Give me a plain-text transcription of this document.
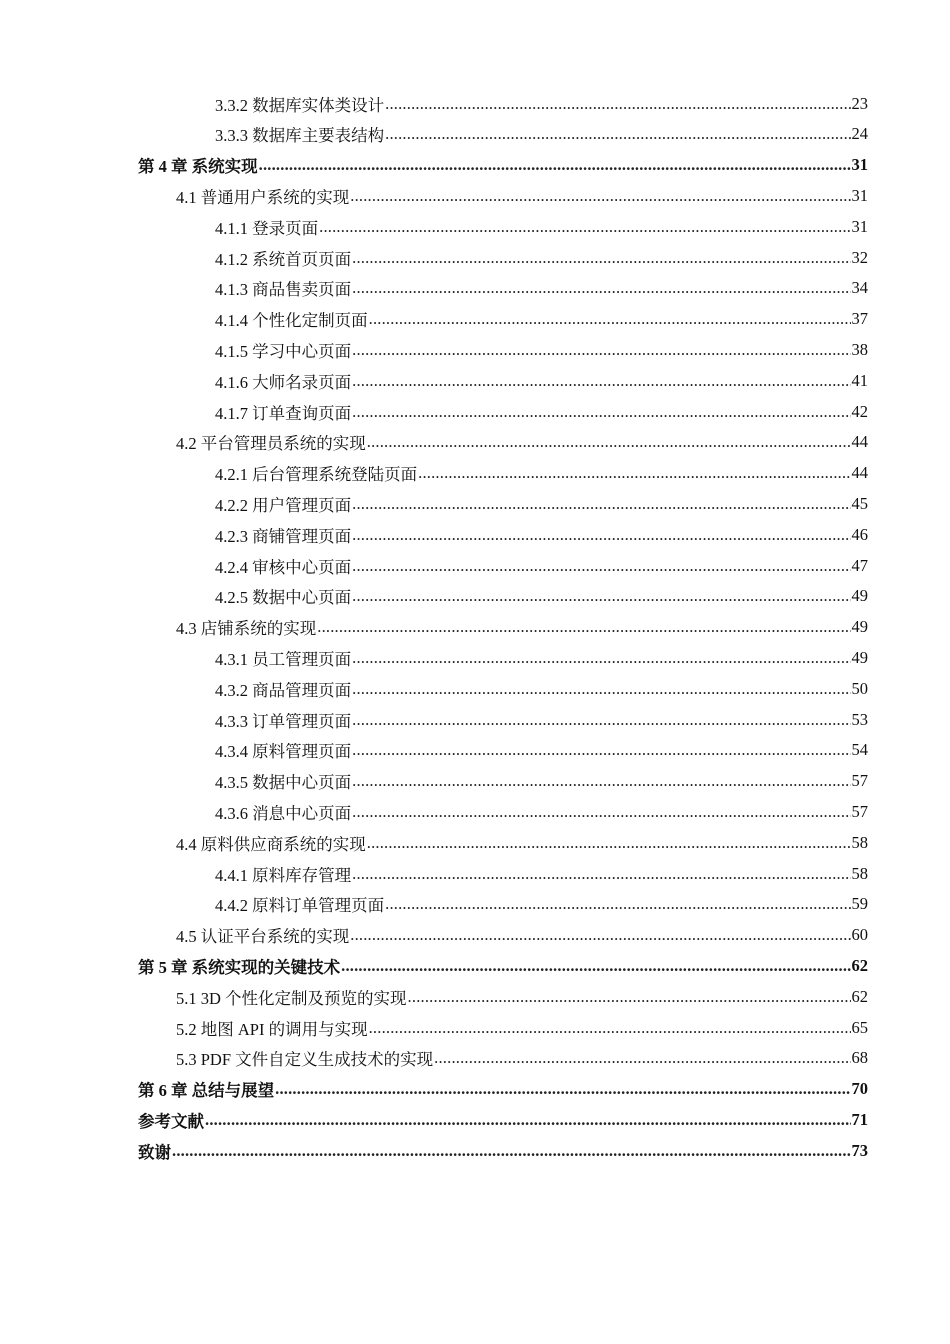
3.3.2 数据库实体类设计 .....	23
3.3.3 数据库主要表结构 .....	24
第 4 章 系统实现 .....	31
4.1 普通用户系统的实现 .....	31
4.1.1 登录页面 .....	31
4.1.2 系统首页页面 .....	32
4.1.3 商品售卖页面 .....	34
4.1.4 个性化定制页面 .....	37
4.1.5 学习中心页面 .....	38
4.1.6 大师名录页面 .....	41
4.1.7 订单查询页面 .....	42
4.2 平台管理员系统的实现 .....	44
4.2.1 后台管理系统登陆页面 .....	44
4.2.2 用户管理页面 .....	45
4.2.3 商铺管理页面 .....	46
4.2.4 审核中心页面 .....	47
4.2.5 数据中心页面 .....	49
4.3 店铺系统的实现 .....	49
4.3.1 员工管理页面 .....	49
4.3.2 商品管理页面 .....	50
4.3.3 订单管理页面 .....	53
4.3.4 原料管理页面 .....	54
4.3.5 数据中心页面 .....	57
4.3.6 消息中心页面 .....	57
4.4 原料供应商系统的实现 .....	58
4.4.1 原料库存管理 .....	58
4.4.2 原料订单管理页面 .....	59
4.5 认证平台系统的实现 .....	60
第 5 章 系统实现的关键技术 .....	62
5.1 3D 个性化定制及预览的实现 .....	62
5.2 地图 API 的调用与实现 .....	65
5.3 PDF 文件自定义生成技术的实现 .....	68
第 6 章 总结与展望 .....	70
参考文献 .....	71
致谢 .....	73
